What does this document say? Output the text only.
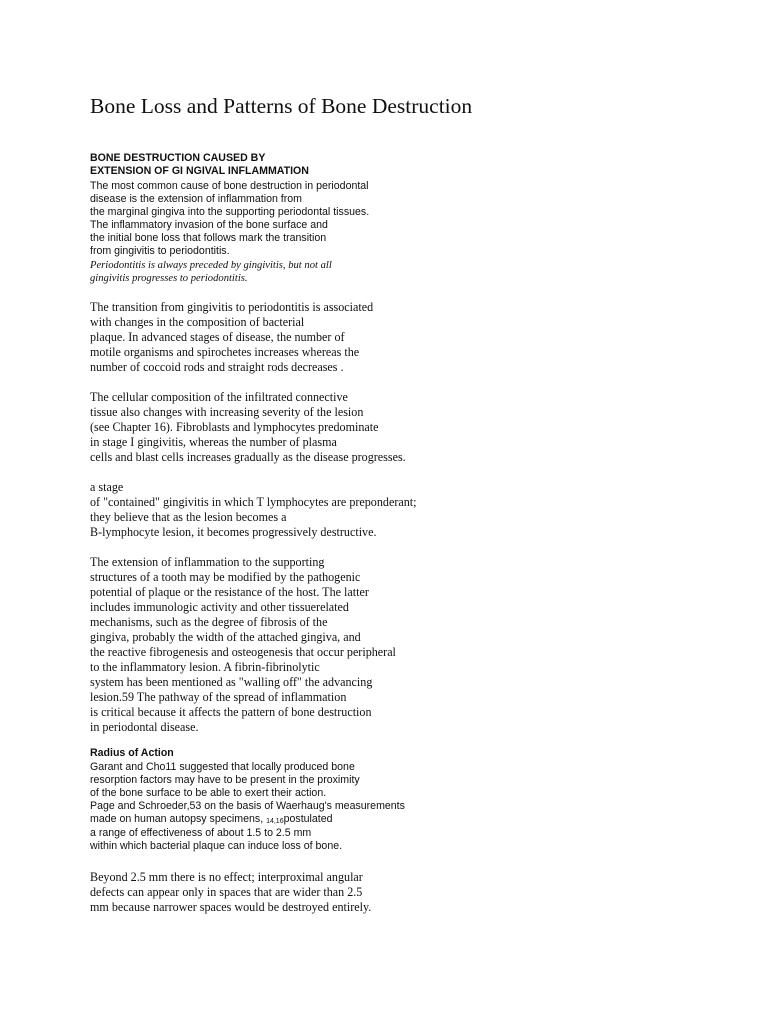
Bone Loss and Patterns of Bone Destruction
BONE DESTRUCTION CAUSED BY
EXTENSION OF GI NGIVAL INFLAMMATION
The most common cause of bone destruction in periodontal
disease is the extension of inflammation from
the marginal gingiva into the supporting periodontal tissues.
The inflammatory invasion of the bone surface and
the initial bone loss that follows mark the transition
from gingivitis to periodontitis.
Periodontitis is always preceded by gingivitis, but not all
gingivitis progresses to periodontitis.
The transition from gingivitis to periodontitis is associated
with changes in the composition of bacterial
plaque. In advanced stages of disease, the number of
motile organisms and spirochetes increases whereas the
number of coccoid rods and straight rods decreases .
The cellular composition of the infiltrated connective
tissue also changes with increasing severity of the lesion
(see Chapter 16). Fibroblasts and lymphocytes predominate
in stage I gingivitis, whereas the number of plasma
cells and blast cells increases gradually as the disease progresses.
a stage
of "contained" gingivitis in which T lymphocytes are preponderant;
they believe that as the lesion becomes a
B-lymphocyte lesion, it becomes progressively destructive.
The extension of inflammation to the supporting
structures of a tooth may be modified by the pathogenic
potential of plaque or the resistance of the host. The latter
includes immunologic activity and other tissuerelated
mechanisms, such as the degree of fibrosis of the
gingiva, probably the width of the attached gingiva, and
the reactive fibrogenesis and osteogenesis that occur peripheral
to the inflammatory lesion. A fibrin-fibrinolytic
system has been mentioned as "walling off" the advancing
lesion.59 The pathway of the spread of inflammation
is critical because it affects the pattern of bone destruction
in periodontal disease.
Radius of Action
Garant and Cho11 suggested that locally produced bone
resorption factors may have to be present in the proximity
of the bone surface to be able to exert their action.
Page and Schroeder,53 on the basis of Waerhaug's measurements
made on human autopsy specimens, 14,16postulated
a range of effectiveness of about 1.5 to 2.5 mm
within which bacterial plaque can induce loss of bone.
Beyond 2.5 mm there is no effect; interproximal angular
defects can appear only in spaces that are wider than 2.5
mm because narrower spaces would be destroyed entirely.
